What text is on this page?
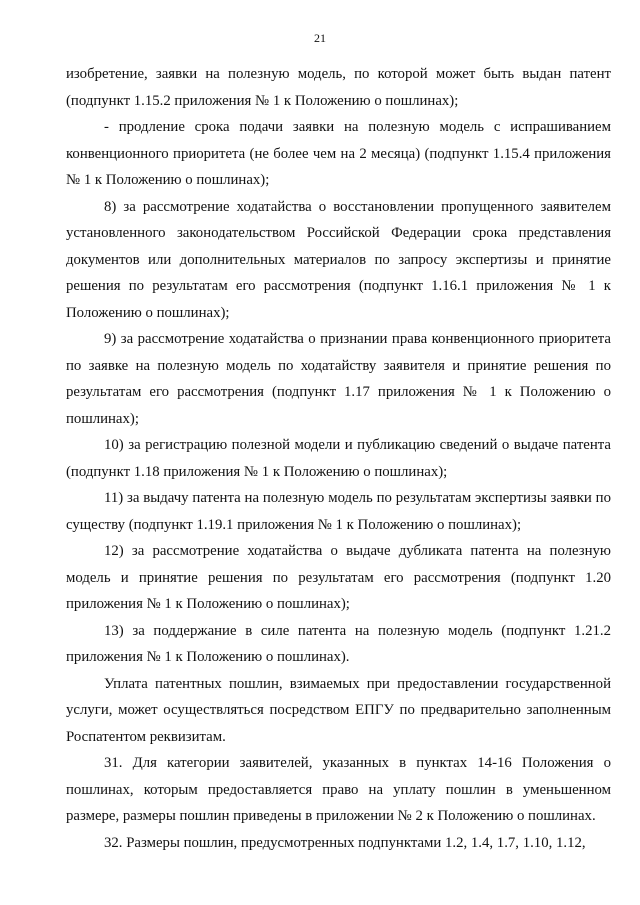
21

изобретение, заявки на полезную модель, по которой может быть выдан патент (подпункт 1.15.2 приложения № 1 к Положению о пошлинах);

- продление срока подачи заявки на полезную модель с испрашиванием конвенционного приоритета (не более чем на 2 месяца) (подпункт 1.15.4 приложения № 1 к Положению о пошлинах);

8) за рассмотрение ходатайства о восстановлении пропущенного заявителем установленного законодательством Российской Федерации срока представления документов или дополнительных материалов по запросу экспертизы и принятие решения по результатам его рассмотрения (подпункт 1.16.1 приложения № 1 к Положению о пошлинах);

9) за рассмотрение ходатайства о признании права конвенционного приоритета по заявке на полезную модель по ходатайству заявителя и принятие решения по результатам его рассмотрения (подпункт 1.17 приложения № 1 к Положению о пошлинах);

10) за регистрацию полезной модели и публикацию сведений о выдаче патента (подпункт 1.18 приложения № 1 к Положению о пошлинах);

11) за выдачу патента на полезную модель по результатам экспертизы заявки по существу (подпункт 1.19.1 приложения № 1 к Положению о пошлинах);

12) за рассмотрение ходатайства о выдаче дубликата патента на полезную модель и принятие решения по результатам его рассмотрения (подпункт 1.20 приложения № 1 к Положению о пошлинах);

13) за поддержание в силе патента на полезную модель (подпункт 1.21.2 приложения № 1 к Положению о пошлинах).

Уплата патентных пошлин, взимаемых при предоставлении государственной услуги, может осуществляться посредством ЕПГУ по предварительно заполненным Роспатентом реквизитам.

31. Для категории заявителей, указанных в пунктах 14-16 Положения о пошлинах, которым предоставляется право на уплату пошлин в уменьшенном размере, размеры пошлин приведены в приложении № 2 к Положению о пошлинах.

32. Размеры пошлин, предусмотренных подпунктами 1.2, 1.4, 1.7, 1.10, 1.12,
